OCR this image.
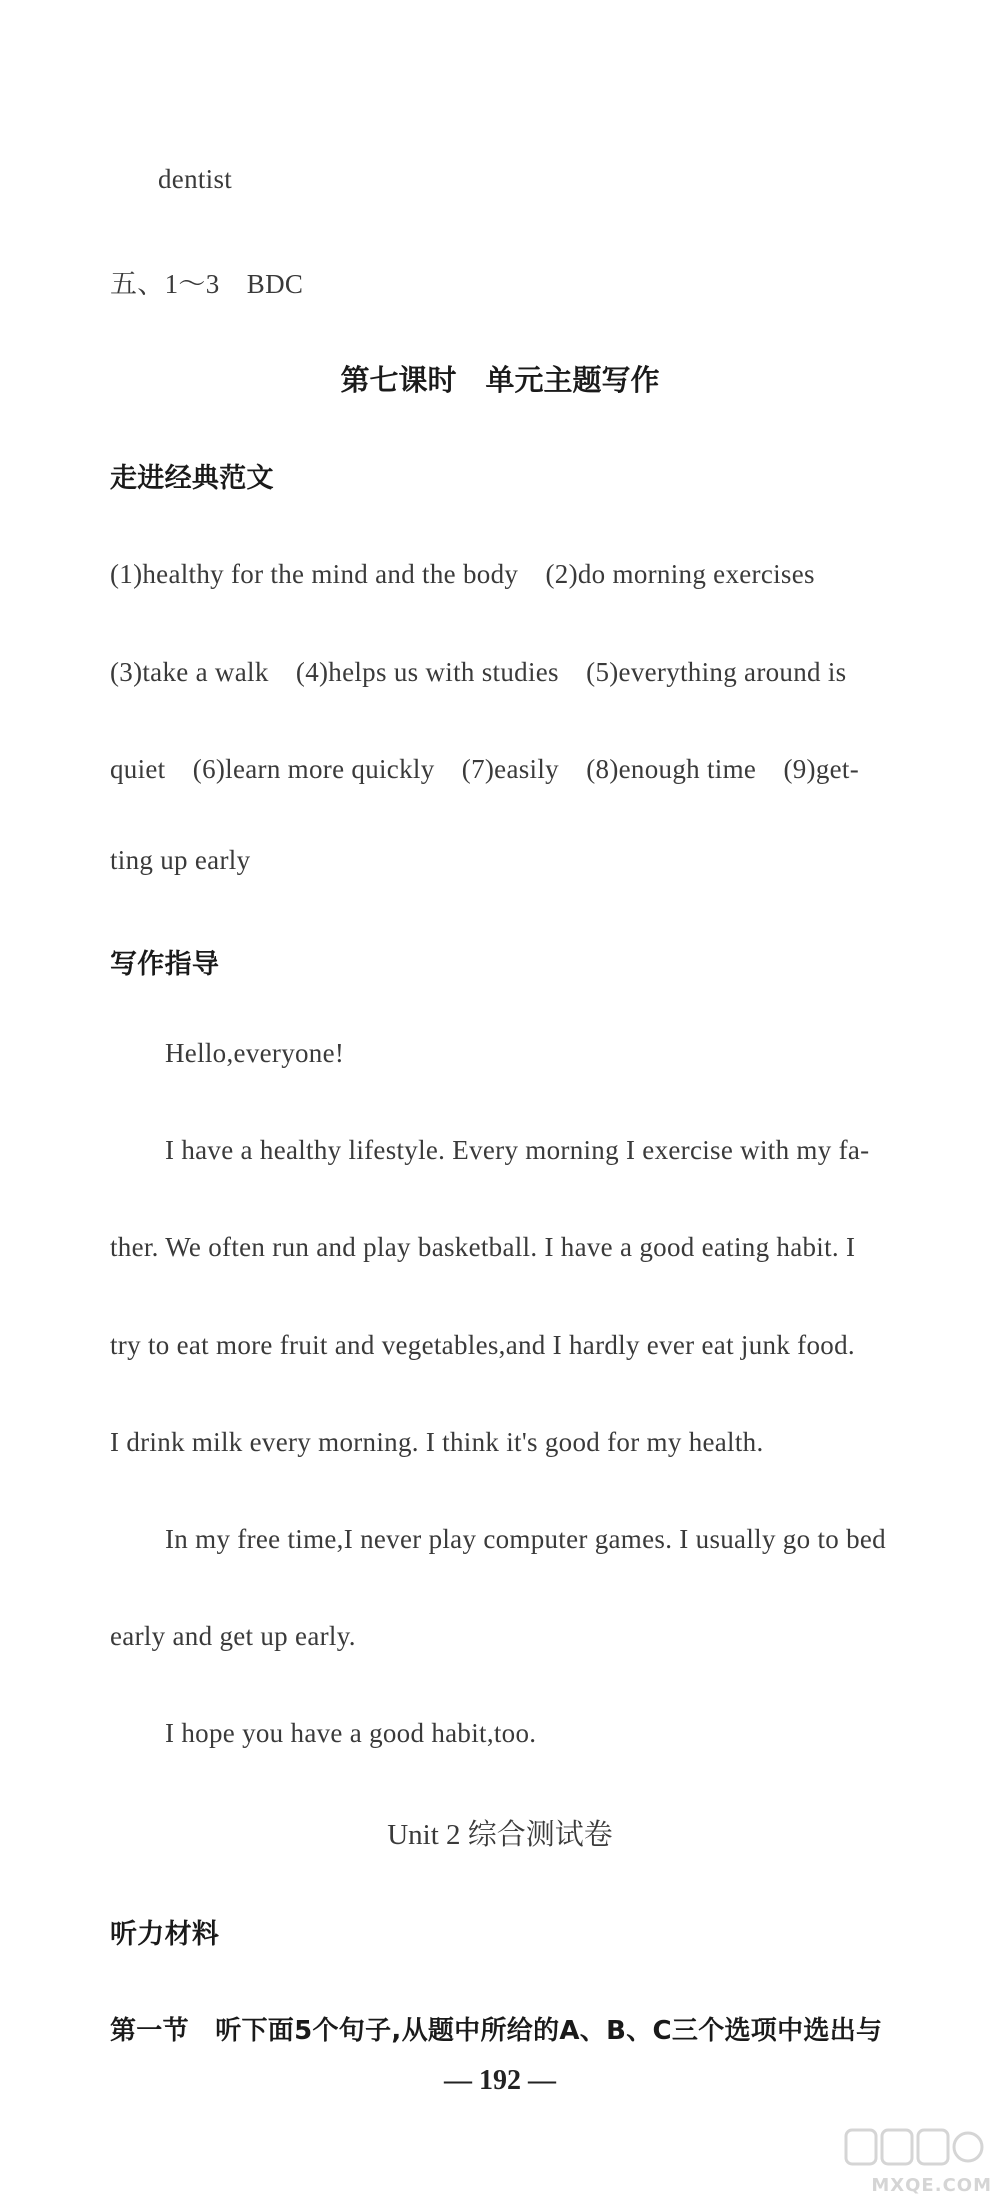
dentist
五、1～3　BDC
第七课时　单元主题写作
走进经典范文
(1)healthy for the mind and the body　(2)do morning exercises
(3)take a walk　(4)helps us with studies　(5)everything around is
quiet　(6)learn more quickly　(7)easily　(8)enough time　(9)get-
ting up early
写作指导
Hello,everyone!
I have a healthy lifestyle. Every morning I exercise with my fa-
ther. We often run and play basketball. I have a good eating habit. I
try to eat more fruit and vegetables,and I hardly ever eat junk food.
I drink milk every morning. I think it's good for my health.
In my free time,I never play computer games. I usually go to bed
early and get up early.
I hope you have a good habit,too.
Unit 2 综合测试卷
听力材料
第一节　听下面5个句子,从题中所给的A、B、C三个选项中选出与
— 192 —
MXQE.COM
